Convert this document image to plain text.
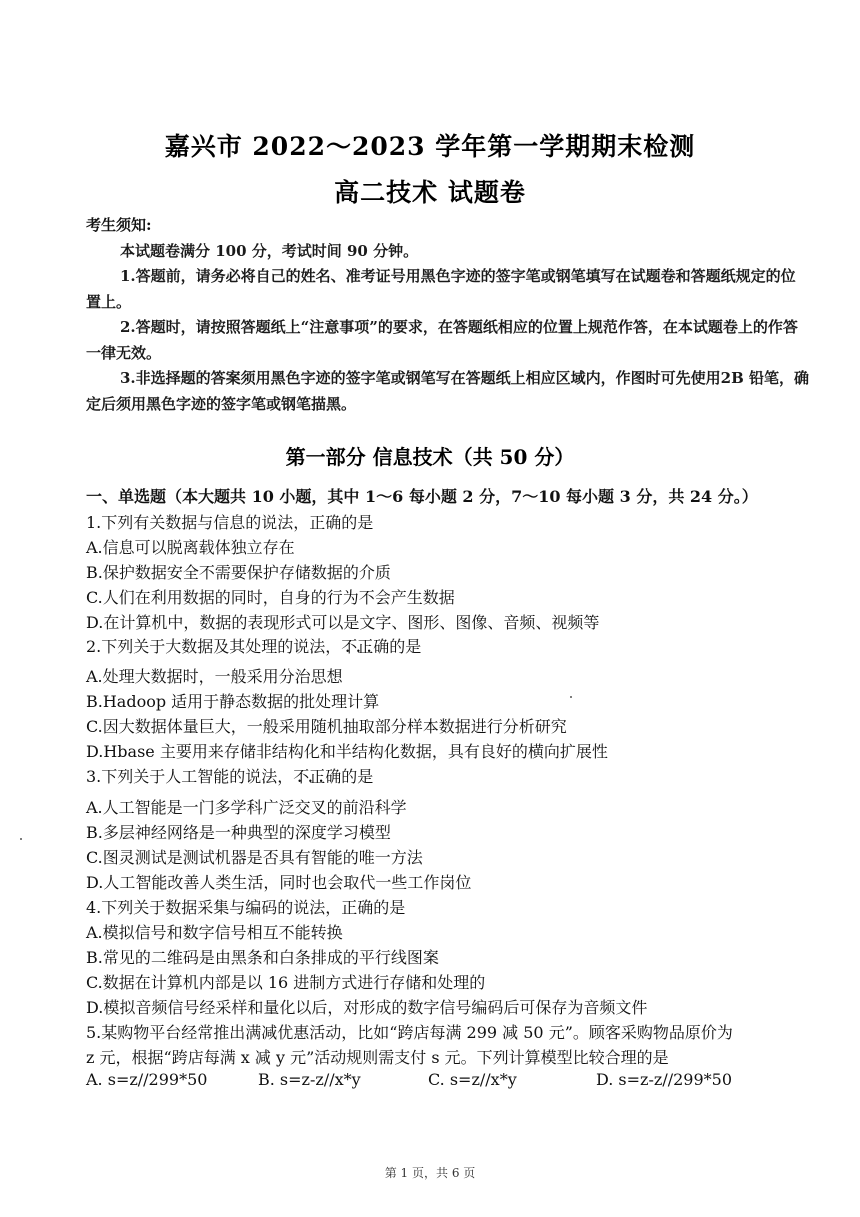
嘉兴市 2022～2023 学年第一学期期末检测
高二技术 试题卷
考生须知:
本试题卷满分 100 分，考试时间 90 分钟。
1.答题前，请务必将自己的姓名、准考证号用黑色字迹的签字笔或钢笔填写在试题卷和答题纸规定的位置上。
2.答题时，请按照答题纸上“注意事项”的要求，在答题纸相应的位置上规范作答，在本试题卷上的作答一律无效。
3.非选择题的答案须用黑色字迹的签字笔或钢笔写在答题纸上相应区域内，作图时可先使用2B 铅笔，确定后须用黑色字迹的签字笔或钢笔描黑。
第一部分 信息技术（共 50 分）
一、单选题（本大题共 10 小题，其中 1～6 每小题 2 分，7～10 每小题 3 分，共 24 分。）
1.下列有关数据与信息的说法，正确的是
A.信息可以脱离载体独立存在
B.保护数据安全不需要保护存储数据的介质
C.人们在利用数据的同时，自身的行为不会产生数据
D.在计算机中，数据的表现形式可以是文字、图形、图像、音频、视频等
2.下列关于大数据及其处理的说法，不正确 •••的是
A.处理大数据时，一般采用分治思想
B.Hadoop 适用于静态数据的批处理计算
C.因大数据体量巨大，一般采用随机抽取部分样本数据进行分析研究
D.Hbase 主要用来存储非结构化和半结构化数据，具有良好的横向扩展性
3.下列关于人工智能的说法，不正确 •••的是
A.人工智能是一门多学科广泛交叉的前沿科学
B.多层神经网络是一种典型的深度学习模型
C.图灵测试是测试机器是否具有智能的唯一方法
D.人工智能改善人类生活，同时也会取代一些工作岗位
4.下列关于数据采集与编码的说法，正确的是
A.模拟信号和数字信号相互不能转换
B.常见的二维码是由黑条和白条排成的平行线图案
C.数据在计算机内部是以 16 进制方式进行存储和处理的
D.模拟音频信号经采样和量化以后，对形成的数字信号编码后可保存为音频文件
5.某购物平台经常推出满减优惠活动，比如“跨店每满 299 减 50 元”。顾客采购物品原价为
z 元，根据“跨店每满 x 减 y 元”活动规则需支付 s 元。下列计算模型比较合理的是
A. s=z//299*50	B. s=z-z//x*y	C. s=z//x*y	D. s=z-z//299*50
第 1 页，共 6 页
